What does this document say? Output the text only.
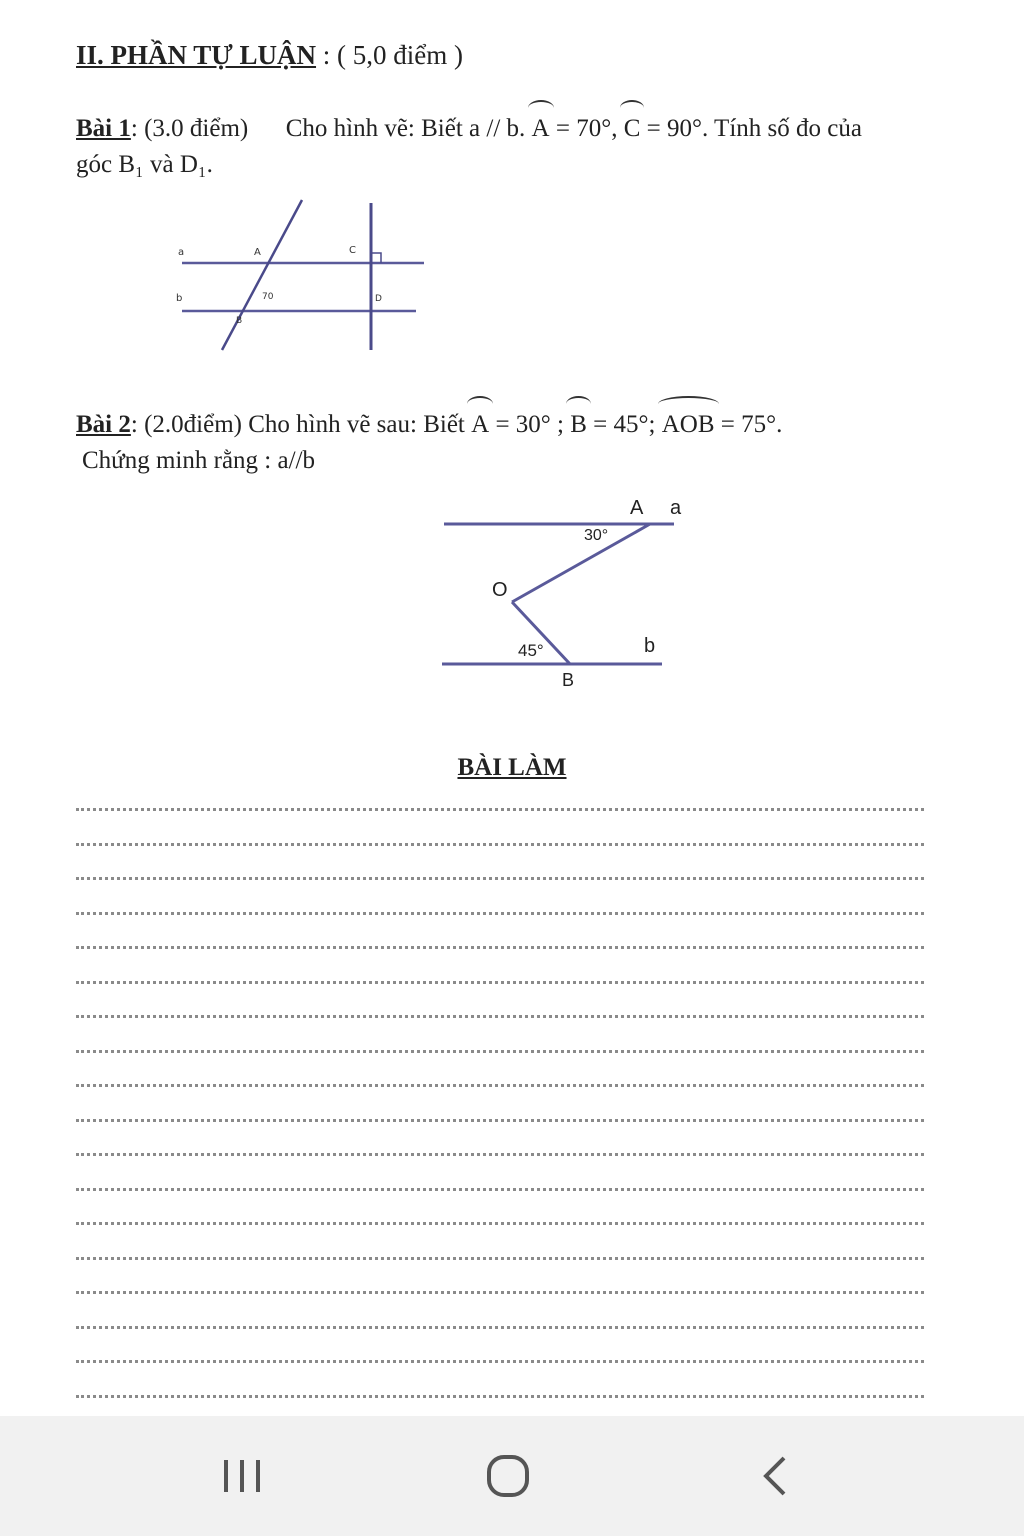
II. PHẦN TỰ LUẬN : ( 5,0 điểm )
Bài 1: (3.0 điểm) Cho hình vẽ: Biết a // b. A = 70°, C = 90°. Tính số đo của
góc B₁ và D₁.
a
b
A	C
70
B
D
Bài 2: (2.0điểm) Cho hình vẽ sau: Biết A = 30° ; B = 45°; AOB = 75°.
Chứng minh rằng : a//b
A a
30°
O
45°	b
B
BÀI LÀM
